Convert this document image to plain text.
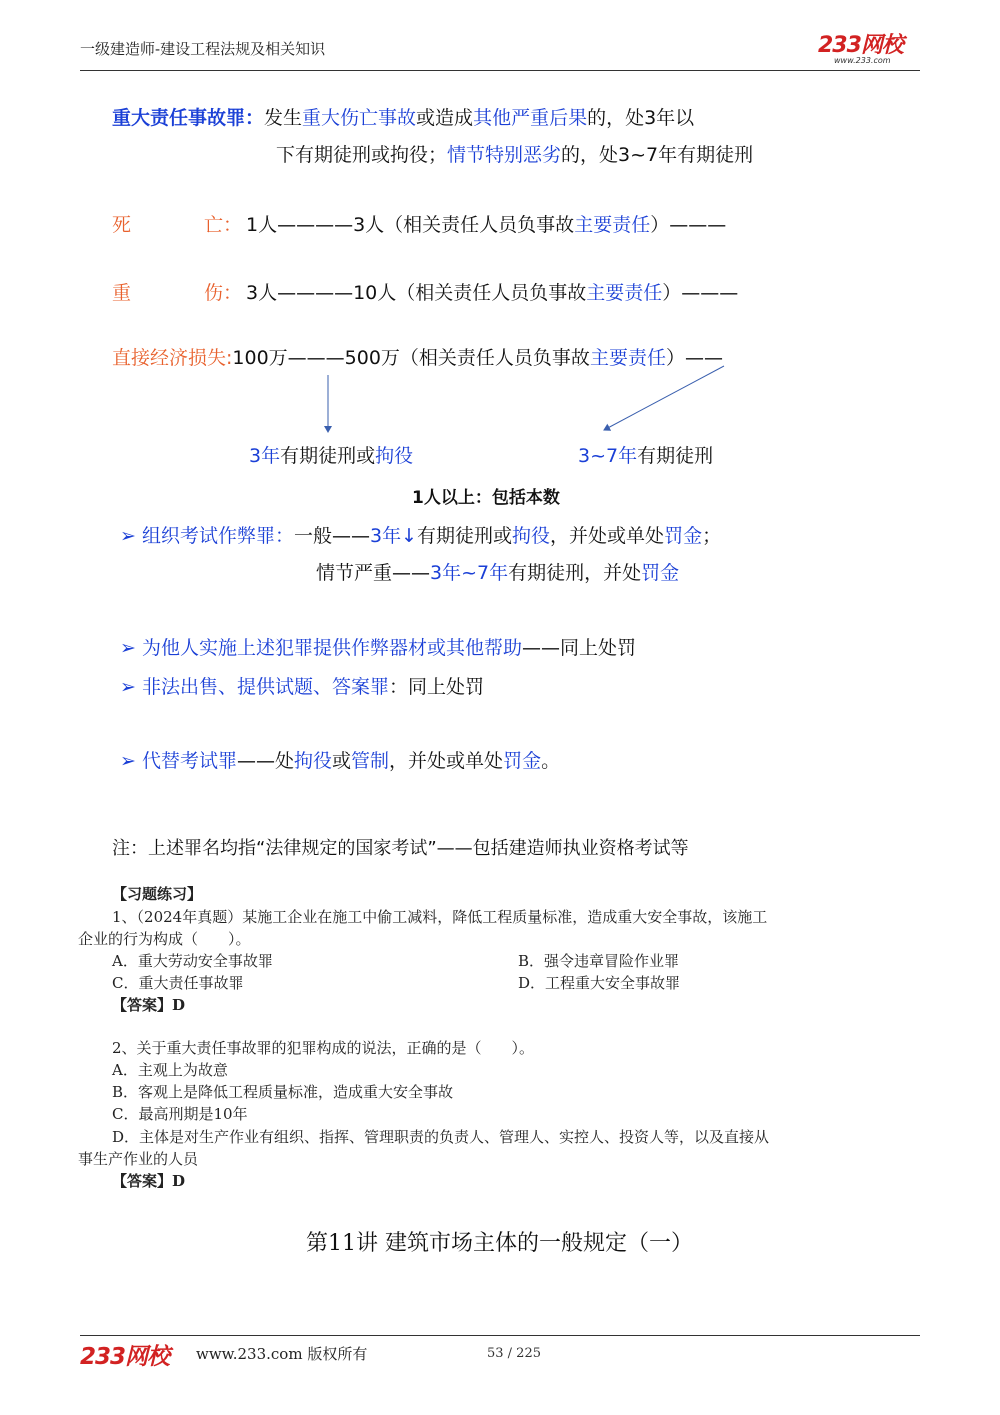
一级建造师-建设工程法规及相关知识	233网校
www.233.com
重大责任事故罪：发生重大伤亡事故或造成其他严重后果的，处3年以
下有期徒刑或拘役；情节特别恶劣的，处3~7年有期徒刑
死	亡： 1人————3人（相关责任人员负事故主要责任）———
重	伤： 3人————10人（相关责任人员负事故主要责任）———
直接经济损失:100万———500万（相关责任人员负事故主要责任）——
3年有期徒刑或拘役	3~7年有期徒刑
1人以上：包括本数
➢ 组织考试作弊罪：一般——3年↓有期徒刑或拘役，并处或单处罚金；
情节严重——3年~7年有期徒刑，并处罚金
➢ 为他人实施上述犯罪提供作弊器材或其他帮助——同上处罚
➢ 非法出售、提供试题、答案罪：同上处罚
➢ 代替考试罪——处拘役或管制，并处或单处罚金。
注：上述罪名均指“法律规定的国家考试”——包括建造师执业资格考试等
【习题练习】
1、（2024年真题）某施工企业在施工中偷工减料，降低工程质量标准，造成重大安全事故，该施工
企业的行为构成（　　）。
A．重大劳动安全事故罪	B．强令违章冒险作业罪
C．重大责任事故罪	D．工程重大安全事故罪
【答案】D
2、关于重大责任事故罪的犯罪构成的说法，正确的是（　　）。
A．主观上为故意
B．客观上是降低工程质量标准，造成重大安全事故
C．最高刑期是10年
D．主体是对生产作业有组织、指挥、管理职责的负责人、管理人、实控人、投资人等，以及直接从
事生产作业的人员
【答案】D
第11讲 建筑市场主体的一般规定（一）
233网校 www.233.com 版权所有	53 / 225
